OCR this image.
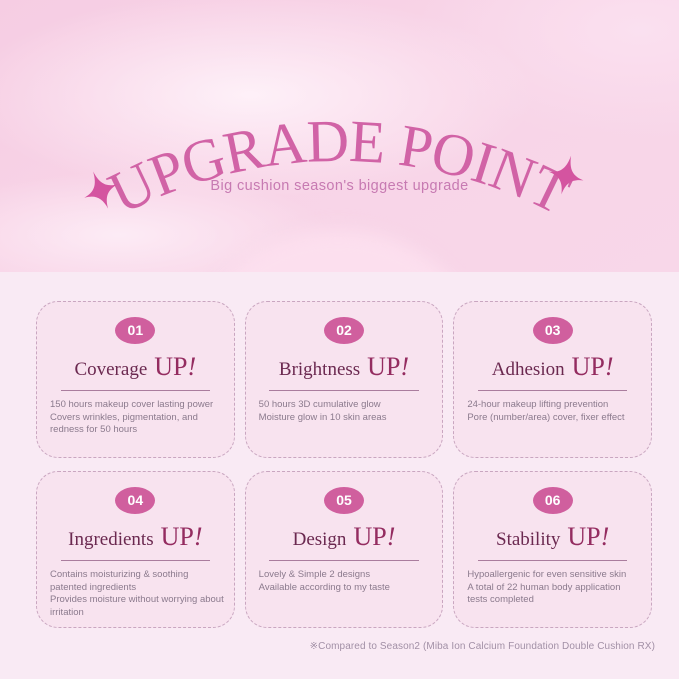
UPGRADE POINT
Big cushion season's biggest upgrade
01
Coverage UP!

150 hours makeup cover lasting power

Covers wrinkles, pigmentation, and redness for 50 hours

02
Brightness UP!

50 hours 3D cumulative glow

Moisture glow in 10 skin areas

03
Adhesion UP!

24-hour makeup lifting prevention

Pore (number/area) cover, fixer effect

04
Ingredients UP!

Contains moisturizing & soothing patented ingredients

Provides moisture without worrying about irritation

05
Design UP!

Lovely & Simple 2 designs

Available according to my taste

06
Stability UP!

Hypoallergenic for even sensitive skin

A total of 22 human body application tests completed

※Compared to Season2 (Miba Ion Calcium Foundation Double Cushion RX)
